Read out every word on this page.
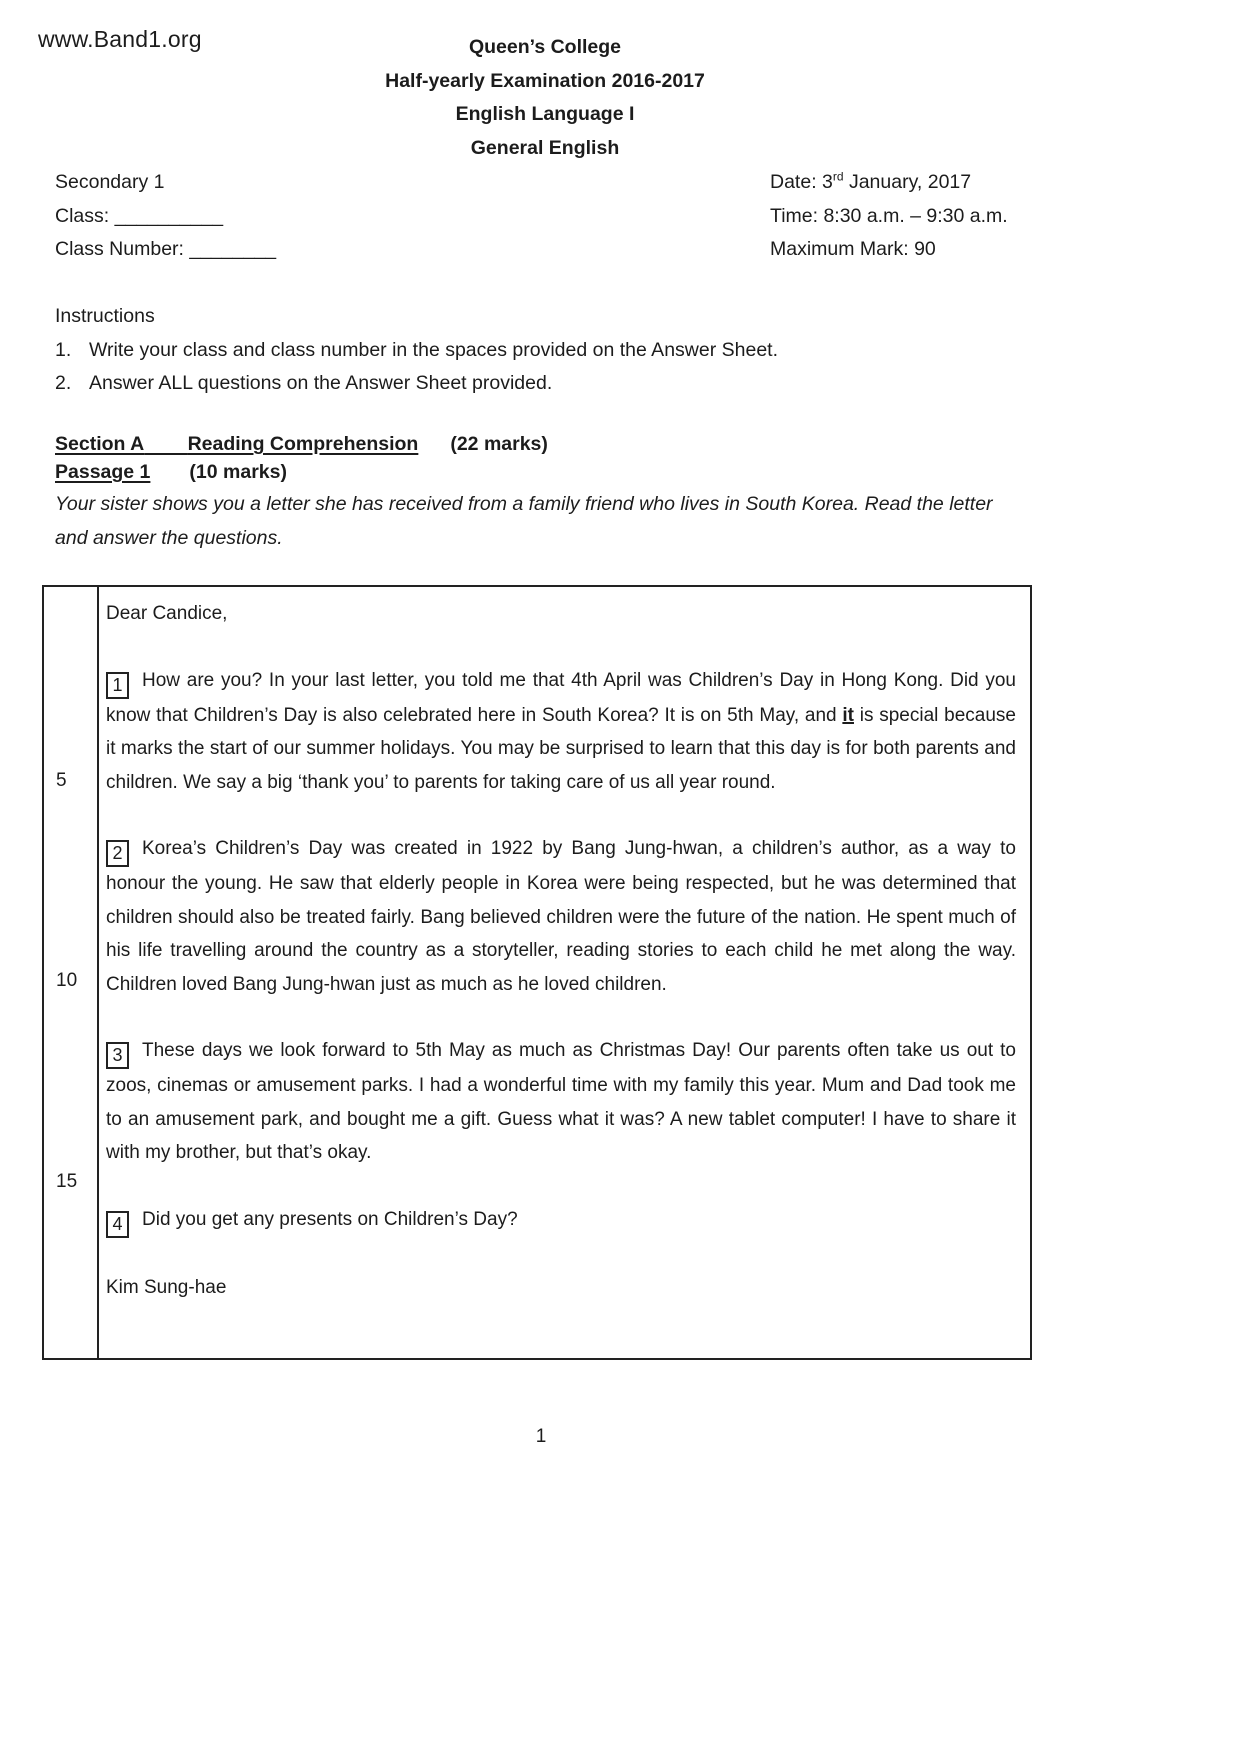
www.Band1.org	Queen’s College
Half-yearly Examination 2016-2017
English Language I
General English
Secondary 1
Class: __________
Class Number: ________
Date: 3rd January, 2017
Time: 8:30 a.m. – 9:30 a.m.
Maximum Mark: 90
Instructions
1. Write your class and class number in the spaces provided on the Answer Sheet.
2. Answer ALL questions on the Answer Sheet provided.
Section A Reading Comprehension (22 marks)
Passage 1 (10 marks)
Your sister shows you a letter she has received from a family friend who lives in South Korea. Read the letter
and answer the questions.
5
10
15

Dear Candice,

1 How are you? In your last letter, you told me that 4th April was Children’s Day in Hong Kong. Did you know that Children’s Day is also celebrated here in South Korea? It is on 5th May, and it is special because it marks the start of our summer holidays. You may be surprised to learn that this day is for both parents and children. We say a big ‘thank you’ to parents for taking care of us all year round.

2 Korea’s Children’s Day was created in 1922 by Bang Jung-hwan, a children’s author, as a way to honour the young. He saw that elderly people in Korea were being respected, but he was determined that children should also be treated fairly. Bang believed children were the future of the nation. He spent much of his life travelling around the country as a storyteller, reading stories to each child he met along the way. Children loved Bang Jung-hwan just as much as he loved children.

3 These days we look forward to 5th May as much as Christmas Day! Our parents often take us out to zoos, cinemas or amusement parks. I had a wonderful time with my family this year. Mum and Dad took me to an amusement park, and bought me a gift. Guess what it was? A new tablet computer! I have to share it with my brother, but that’s okay.

4 Did you get any presents on Children’s Day?

Kim Sung-hae

1
